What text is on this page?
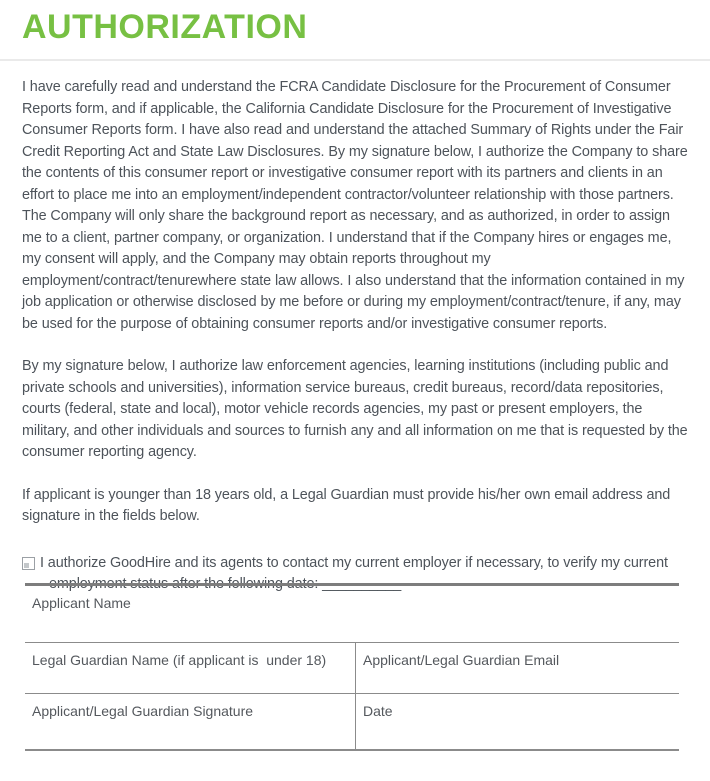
AUTHORIZATION

I have carefully read and understand the FCRA Candidate Disclosure for the Procurement of Consumer Reports form, and if applicable, the California Candidate Disclosure for the Procurement of Investigative Consumer Reports form. I have also read and understand the attached Summary of Rights under the Fair Credit Reporting Act and State Law Disclosures. By my signature below, I authorize the Company to share the contents of this consumer report or investigative consumer report with its partners and clients in an effort to place me into an employment/independent contractor/volunteer relationship with those partners. The Company will only share the background report as necessary, and as authorized, in order to assign me to a client, partner company, or organization. I understand that if the Company hires or engages me, my consent will apply, and the Company may obtain reports throughout my employment/contract/tenurewhere state law allows. I also understand that the information contained in my job application or otherwise disclosed by me before or during my employment/contract/tenure, if any, may be used for the purpose of obtaining consumer reports and/or investigative consumer reports.

By my signature below, I authorize law enforcement agencies, learning institutions (including public and private schools and universities), information service bureaus, credit bureaus, record/data repositories, courts (federal, state and local), motor vehicle records agencies, my past or present employers, the military, and other individuals and sources to furnish any and all information on me that is requested by the consumer reporting agency.

If applicant is younger than 18 years old, a Legal Guardian must provide his/her own email address and signature in the fields below.

I authorize GoodHire and its agents to contact my current employer if necessary, to verify my current employment status after the following date: __________
Applicant Name
Legal Guardian Name (if applicant is  under 18)	Applicant/Legal Guardian Email
Applicant/Legal Guardian Signature	Date
